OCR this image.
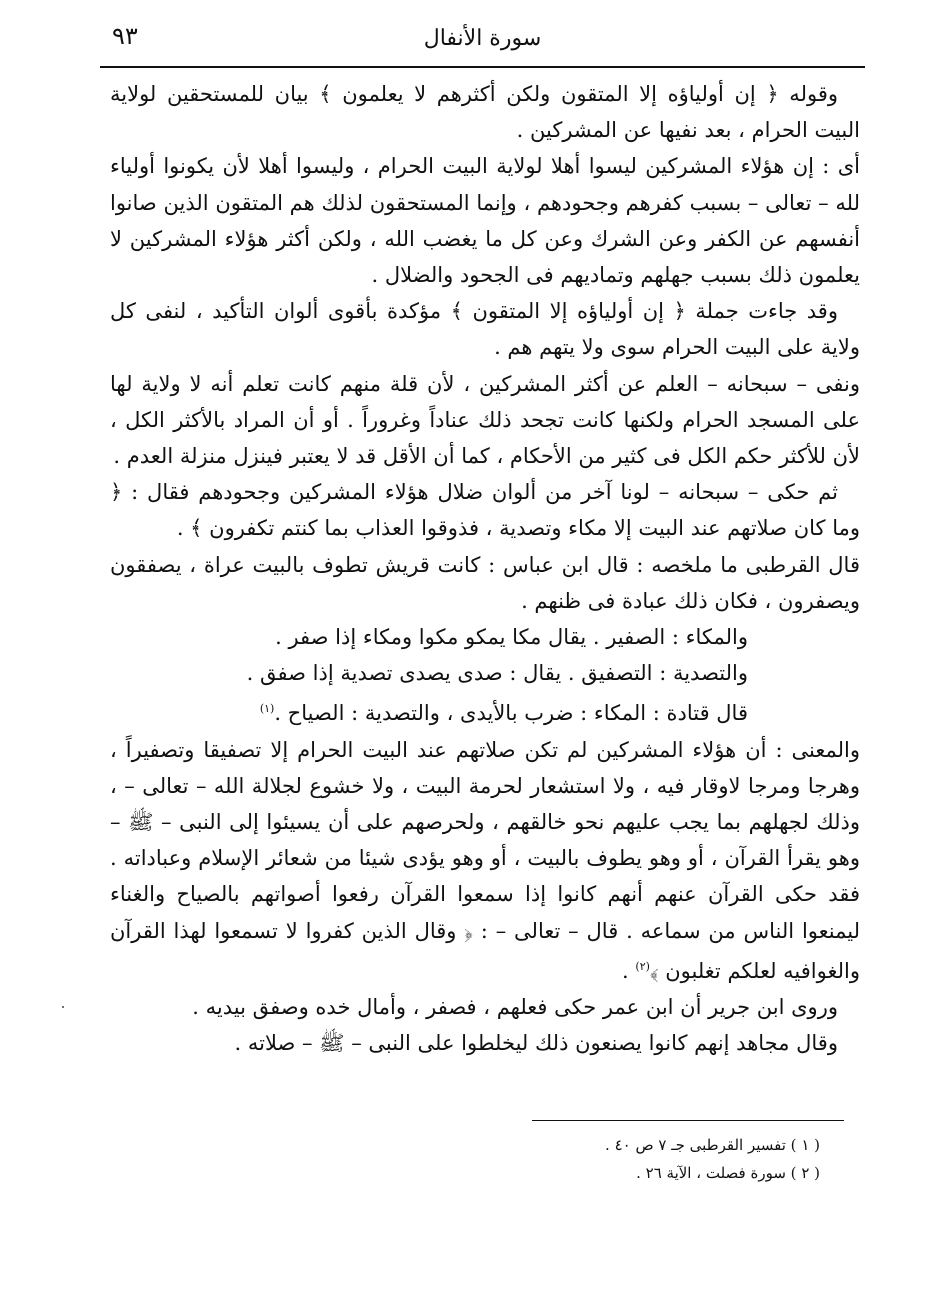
٩٣	سورة الأنفال

وقوله ﴿ إن أولياؤه إلا المتقون ولكن أكثرهم لا يعلمون ﴾ بيان للمستحقين لولاية البيت الحرام ، بعد نفيها عن المشركين .

أى : إن هؤلاء المشركين ليسوا أهلا لولاية البيت الحرام ، وليسوا أهلا لأن يكونوا أولياء لله – تعالى – بسبب كفرهم وجحودهم ، وإنما المستحقون لذلك هم المتقون الذين صانوا أنفسهم عن الكفر وعن الشرك وعن كل ما يغضب الله ، ولكن أكثر هؤلاء المشركين لا يعلمون ذلك بسبب جهلهم وتماديهم فى الجحود والضلال .

وقد جاءت جملة ﴿ إن أولياؤه إلا المتقون ﴾ مؤكدة بأقوى ألوان التأكيد ، لنفى كل ولاية على البيت الحرام سوى ولا يتهم هم .

ونفى – سبحانه – العلم عن أكثر المشركين ، لأن قلة منهم كانت تعلم أنه لا ولاية لها على المسجد الحرام ولكنها كانت تجحد ذلك عناداً وغروراً . أو أن المراد بالأكثر الكل ، لأن للأكثر حكم الكل فى كثير من الأحكام ، كما أن الأقل قد لا يعتبر فينزل منزلة العدم .

ثم حكى – سبحانه – لونا آخر من ألوان ضلال هؤلاء المشركين وجحودهم فقال : ﴿ وما كان صلاتهم عند البيت إلا مكاء وتصدية ، فذوقوا العذاب بما كنتم تكفرون ﴾ .

قال القرطبى ما ملخصه : قال ابن عباس : كانت قريش تطوف بالبيت عراة ، يصفقون ويصفرون ، فكان ذلك عبادة فى ظنهم .

والمكاء : الصفير . يقال مكا يمكو مكوا ومكاء إذا صفر .

والتصدية : التصفيق . يقال : صدى يصدى تصدية إذا صفق .

قال قتادة : المكاء : ضرب بالأيدى ، والتصدية : الصياح .$^{(١)}$

والمعنى : أن هؤلاء المشركين لم تكن صلاتهم عند البيت الحرام إلا تصفيقا وتصفيراً ، وهرجا ومرجا لاوقار فيه ، ولا استشعار لحرمة البيت ، ولا خشوع لجلالة الله – تعالى – ، وذلك لجهلهم بما يجب عليهم نحو خالقهم ، ولحرصهم على أن يسيئوا إلى النبى – ﷺ – وهو يقرأ القرآن ، أو وهو يطوف بالبيت ، أو وهو يؤدى شيئا من شعائر الإسلام وعباداته . فقد حكى القرآن عنهم أنهم كانوا إذا سمعوا القرآن رفعوا أصواتهم بالصياح والغناء ليمنعوا الناس من سماعه . قال – تعالى – : ﴿ وقال الذين كفروا لا تسمعوا لهذا القرآن والغوافيه لعلكم تغلبون ﴾$^{(٢)}$ .

وروى ابن جرير أن ابن عمر حكى فعلهم ، فصفر ، وأمال خده وصفق بيديه .

وقال مجاهد إنهم كانوا يصنعون ذلك ليخلطوا على النبى – ﷺ – صلاته .

( ١ ) تفسير القرطبى جـ ٧ ص ٤٠ .

( ٢ ) سورة فصلت ، الآية ٢٦ .
